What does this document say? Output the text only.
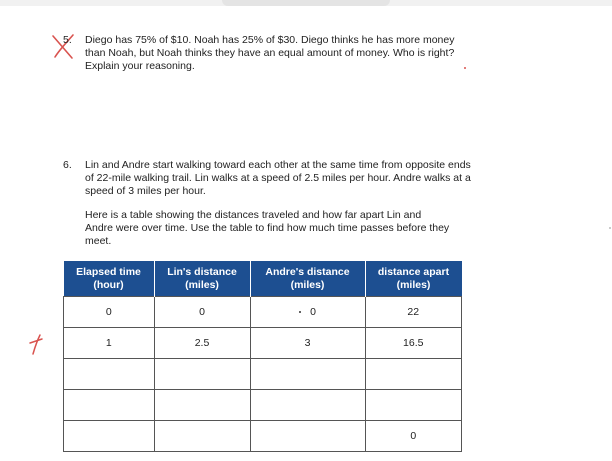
5. Diego has 75% of $10. Noah has 25% of $30. Diego thinks he has more money

than Noah, but Noah thinks they have an equal amount of money. Who is right?

Explain your reasoning.

6. Lin and Andre start walking toward each other at the same time from opposite ends

of 22-mile walking trail. Lin walks at a speed of 2.5 miles per hour. Andre walks at a

speed of 3 miles per hour.

Here is a table showing the distances traveled and how far apart Lin and

Andre were over time. Use the table to find how much time passes before they

meet.

Elapsed time
(hour)	Lin's distance
(miles)	Andre's distance
(miles)	distance apart
(miles)
0	0	0	22
1	2.5	3	16.5

			0
